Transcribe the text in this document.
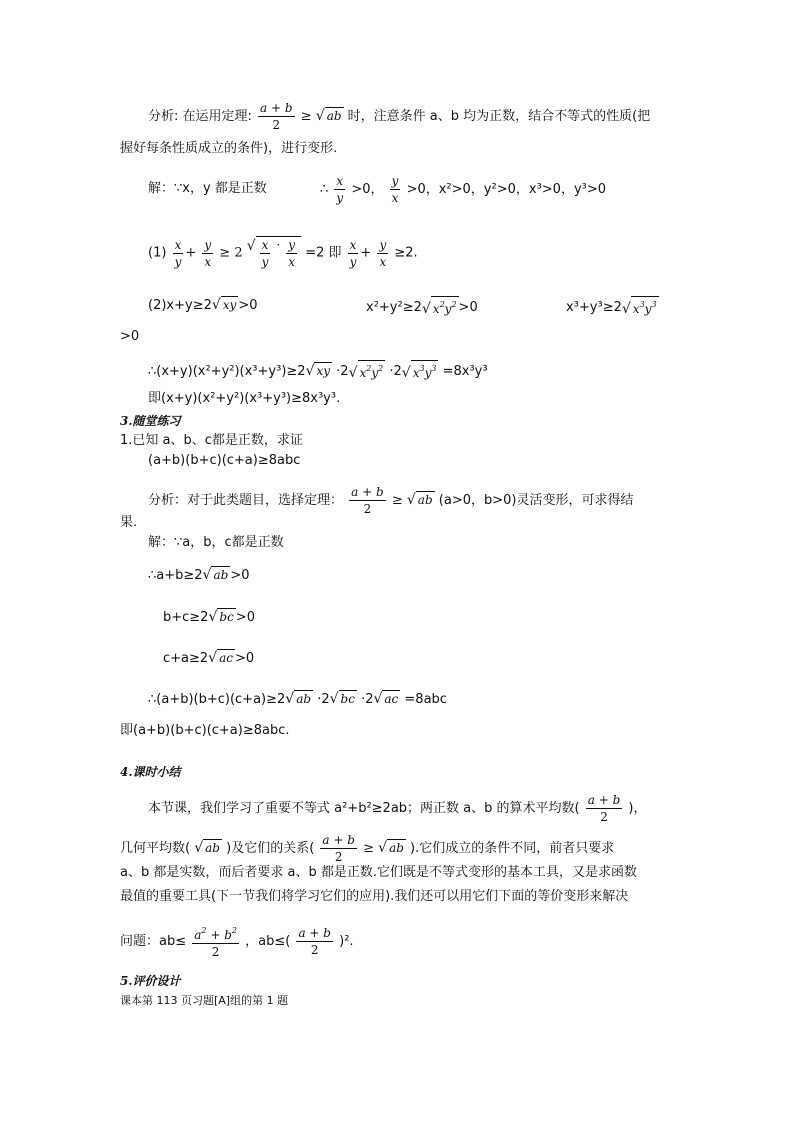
分析: 在运用定理: $\frac{a + b}{2}$ ≥ √ ab 时，注意条件 a、b 均为正数，结合不等式的性质(把
握好每条性质成立的条件)，进行变形.
解：∵x，y 都是正数	∴ $\frac{x}{y} >0$， $\frac{y}{x} >0$，x²>0，y²>0，x³>0，y³>0
$(1) \frac{x}{y} + \frac{y}{x} \ge 2$ √ $\frac{x}{y} \cdot \frac{y}{x} =2$ 即 $\frac{x}{y} + \frac{y}{x} \ge 2$.
(2)x+y≥2√ xy >0	x²+y²≥2√ $x^2y^2 >0$	x³+y³≥2√ $x^3y^3$
>0
∴(x+y)(x²+y²)(x³+y³)≥2√ xy ·2√ $x^2y^2 \cdot 2√$ $x^3y^3 =8x^3y^3$
即(x+y)(x²+y²)(x³+y³)≥8x³y³.
3.随堂练习
1.已知 a、b、c都是正数，求证
(a+b)(b+c)(c+a)≥8abc
分析：对于此类题目，选择定理： $\frac{a + b}{2}$ ≥ √ ab (a>0，b>0)灵活变形，可求得结
果.
解：∵a，b，c都是正数
∴a+b≥2√ ab >0
b+c≥2√ bc >0
c+a≥2√ ac >0
∴(a+b)(b+c)(c+a)≥2√ ab ·2√ bc ·2√ ac =8abc
即(a+b)(b+c)(c+a)≥8abc.
4.课时小结
本节课，我们学习了重要不等式 a²+b²≥2ab；两正数 a、b 的算术平均数( $\frac{a + b}{2}$ )，
几何平均数( √ ab )及它们的关系( $\frac{a + b}{2}$ ≥ √ ab ).它们成立的条件不同，前者只要求
a、b 都是实数，而后者要求 a、b 都是正数.它们既是不等式变形的基本工具，又是求函数
最值的重要工具(下一节我们将学习它们的应用).我们还可以用它们下面的等价变形来解决
问题：$ab\le \frac{a^2 + b^2}{2}$ ，$ab\le( \frac{a + b}{2} )^2$.
5.评价设计
课本第 113 页习题[A]组的第 1 题
